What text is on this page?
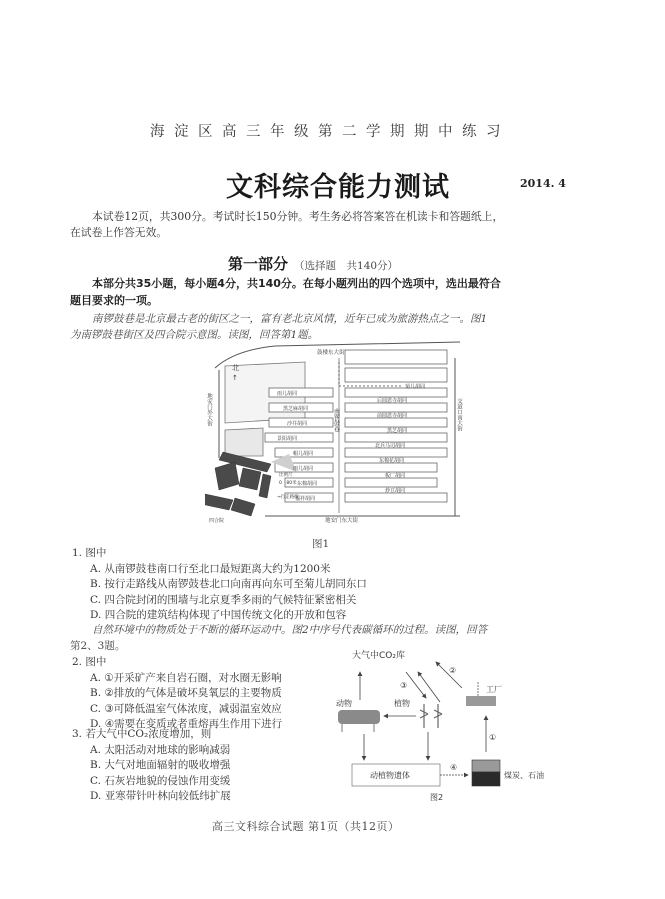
海淀区高三年级第二学期期中练习
文科综合能力测试	2014. 4
本试卷12页，共300分。考试时长150分钟。考生务必将答案答在机读卡和答题纸上，
在试卷上作答无效。
第一部分 （选择题　共140分）
本部分共35小题，每小题4分，共140分。在每小题列出的四个选项中，选出最符合
题目要求的一项。
南锣鼓巷是北京最古老的街区之一，富有老北京风情，近年已成为旅游热点之一。图1
为南锣鼓巷街区及四合院示意图。读图，回答第1题。
鼓楼东大街
地安门东大街
北
↑
地安门外大街	交道口南大街
南锣鼓巷
雨儿胡同
黑芝麻胡同
沙井胡同
景阳胡同
帽儿胡同
雨儿胡同
东棉胡同
福祥胡同
菊儿胡同
后圆恩寺胡同
前圆恩寺胡同
黑芝胡同
北兵马司胡同
东棉花胡同
板厂胡同
炒豆胡同
比例尺
0　80米
→行走路线
四合院
图1
1. 图中
A. 从南锣鼓巷南口行至北口最短距离大约为1200米
B. 按行走路线从南锣鼓巷北口向南再向东可至菊儿胡同东口
C. 四合院封闭的围墙与北京夏季多雨的气候特征紧密相关
D. 四合院的建筑结构体现了中国传统文化的开放和包容
自然环境中的物质处于不断的循环运动中。图2中序号代表碳循环的过程。读图，回答
第2、3题。
2. 图中
A. ①开采矿产来自岩石圈，对水圈无影响
B. ②排放的气体是破坏臭氧层的主要物质
C. ③可降低温室气体浓度，减弱温室效应
D. ④需要在变质或者重熔再生作用下进行
3. 若大气中CO₂浓度增加，则
A. 太阳活动对地球的影响减弱
B. 大气对地面辐射的吸收增强
C. 石灰岩地貌的侵蚀作用变缓
D. 亚寒带针叶林向较低纬扩展
大气中CO₂库
②
③
动物	植物
工厂
①
动植物遗体
④
煤炭、石油
图2
高三文科综合试题 第1页（共12页）
